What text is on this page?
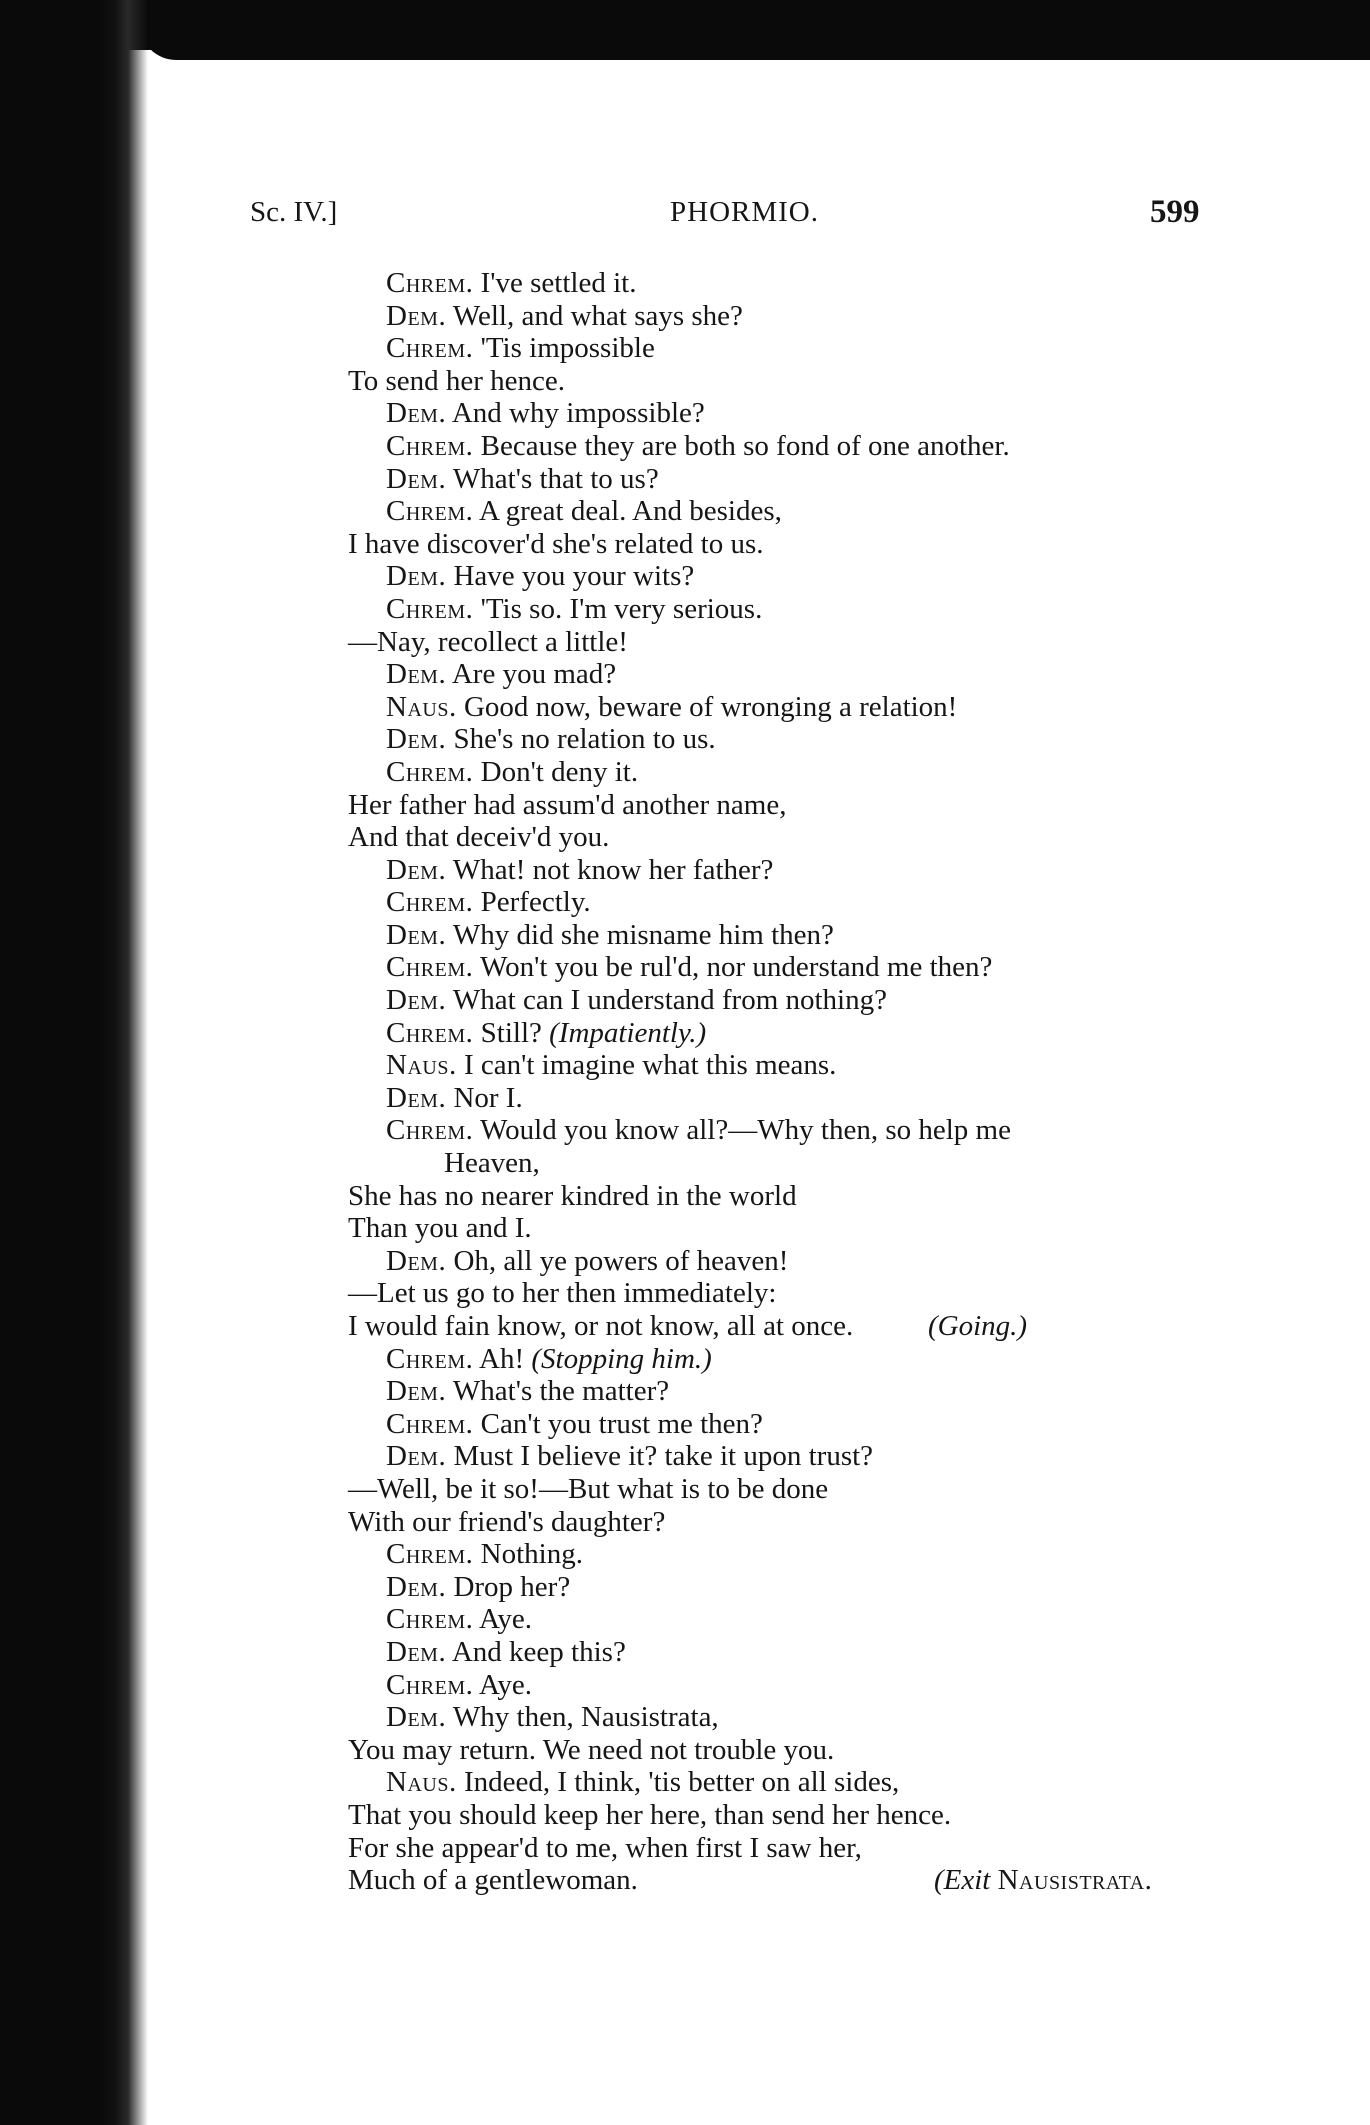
Sc. IV.]	PHORMIO.	599
Chrem. I've settled it.
Dem. Well, and what says she?
Chrem. 'Tis impossible
To send her hence.
Dem. And why impossible?
Chrem. Because they are both so fond of one another.
Dem. What's that to us?
Chrem. A great deal. And besides,
I have discover'd she's related to us.
Dem. Have you your wits?
Chrem. 'Tis so. I'm very serious.
—Nay, recollect a little!
Dem. Are you mad?
Naus. Good now, beware of wronging a relation!
Dem. She's no relation to us.
Chrem. Don't deny it.
Her father had assum'd another name,
And that deceiv'd you.
Dem. What! not know her father?
Chrem. Perfectly.
Dem. Why did she misname him then?
Chrem. Won't you be rul'd, nor understand me then?
Dem. What can I understand from nothing?
Chrem. Still? (Impatiently.)
Naus. I can't imagine what this means.
Dem. Nor I.
Chrem. Would you know all?—Why then, so help me
Heaven,
She has no nearer kindred in the world
Than you and I.
Dem. Oh, all ye powers of heaven!
—Let us go to her then immediately:
I would fain know, or not know, all at once.	(Going.)
Chrem. Ah! (Stopping him.)
Dem. What's the matter?
Chrem. Can't you trust me then?
Dem. Must I believe it? take it upon trust?
—Well, be it so!—But what is to be done
With our friend's daughter?
Chrem. Nothing.
Dem. Drop her?
Chrem. Aye.
Dem. And keep this?
Chrem. Aye.
Dem. Why then, Nausistrata,
You may return. We need not trouble you.
Naus. Indeed, I think, 'tis better on all sides,
That you should keep her here, than send her hence.
For she appear'd to me, when first I saw her,
Much of a gentlewoman.	(Exit Nausistrata.
